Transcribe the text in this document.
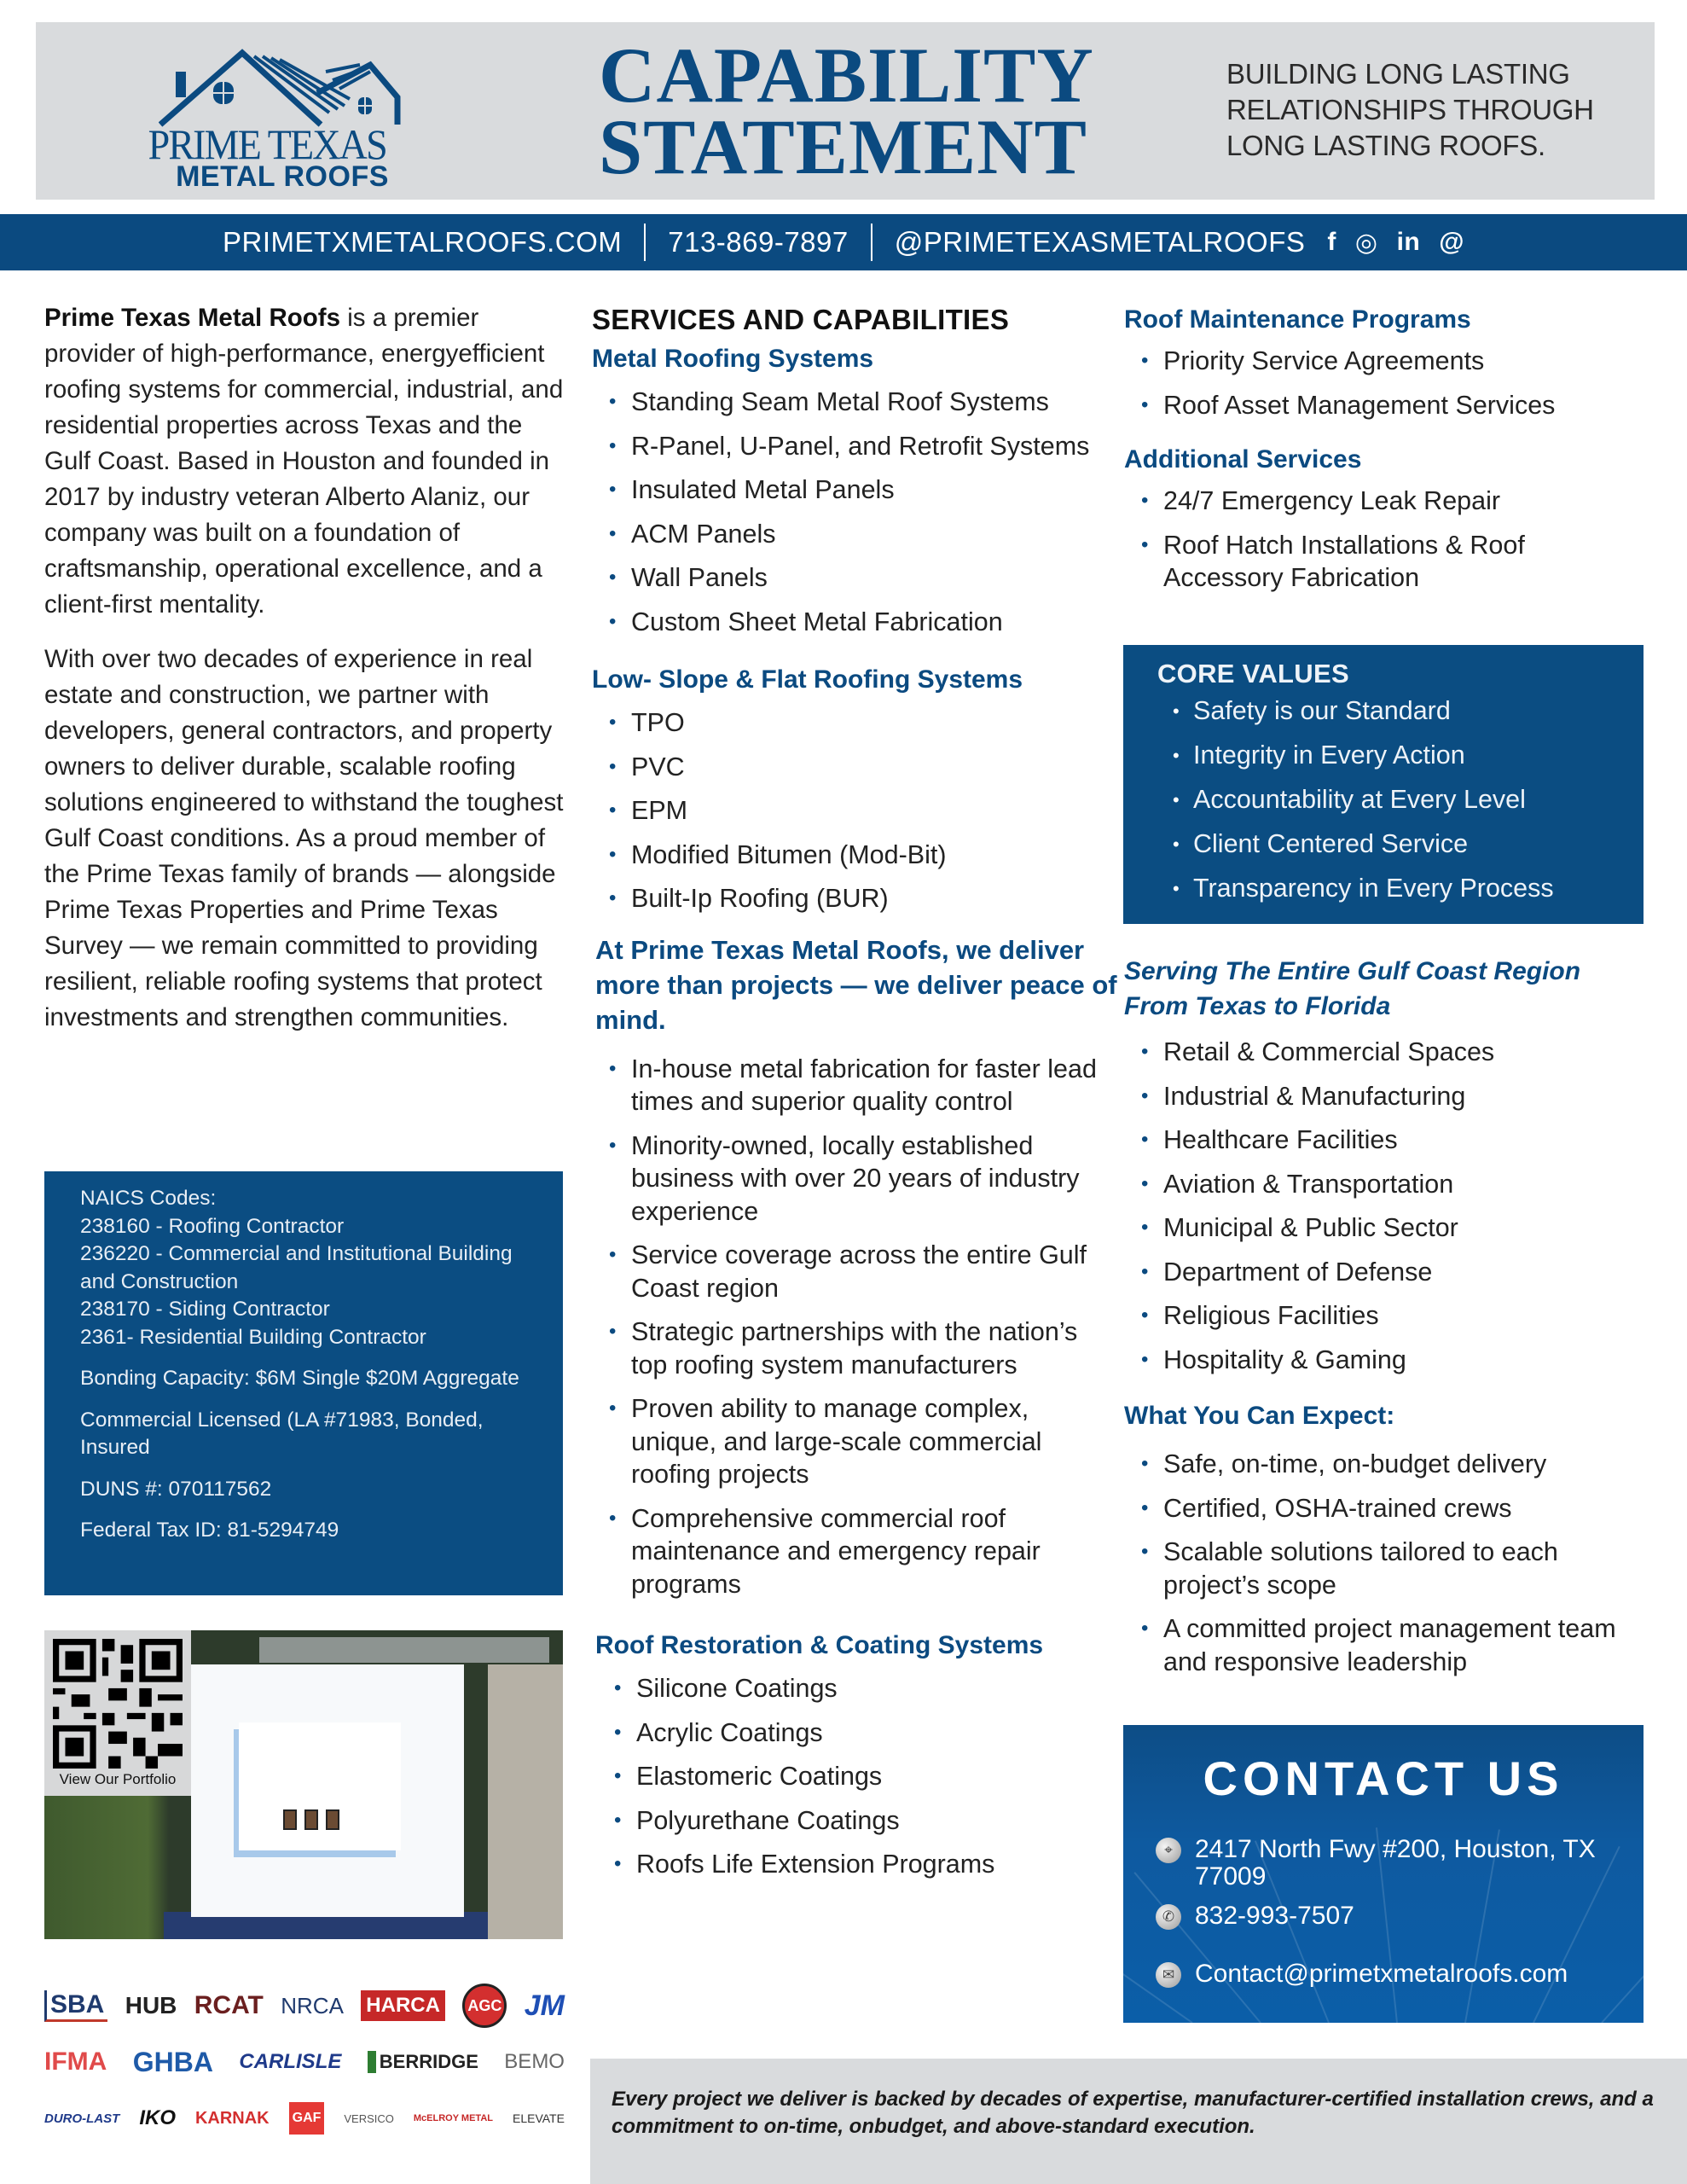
PRIME TEXAS
METAL ROOFS
CAPABILITY
STATEMENT
BUILDING LONG LASTING
RELATIONSHIPS THROUGH
LONG LASTING ROOFS.
PRIMETXMETALROOFS.COM 713-869-7897 @PRIMETEXASMETALROOFS f ◎ in @

Prime Texas Metal Roofs is a premier provider of high-performance, energyefficient roofing systems for commercial, industrial, and residential properties across Texas and the Gulf Coast. Based in Houston and founded in 2017 by industry veteran Alberto Alaniz, our company was built on a foundation of craftsmanship, operational excellence, and a client-first mentality.

With over two decades of experience in real estate and construction, we partner with developers, general contractors, and property owners to deliver durable, scalable roofing solutions engineered to withstand the toughest Gulf Coast conditions. As a proud member of the Prime Texas family of brands — alongside Prime Texas Properties and Prime Texas Survey — we remain committed to providing resilient, reliable roofing systems that protect investments and strengthen communities.

NAICS Codes:
238160 - Roofing Contractor
236220 - Commercial and Institutional Building and Construction
238170 - Siding Contractor
2361- Residential Building Contractor
Bonding Capacity: $6M Single $20M Aggregate
Commercial Licensed (LA #71983, Bonded, Insured
DUNS #: 070117562
Federal Tax ID: 81-5294749
View Our Portfolio
SBA HUB RCAT NRCA HARCA	AGC JM
IFMA GHBA CARLISLE	BERRIDGE BEMO
DURO-LAST IKO KARNAK GAF	VERSICO McELROY METAL ELEVATE
SERVICES AND CAPABILITIES
Metal Roofing Systems
• Standing Seam Metal Roof Systems
• R-Panel, U-Panel, and Retrofit Systems
• Insulated Metal Panels
• ACM Panels
• Wall Panels
• Custom Sheet Metal Fabrication
Low- Slope & Flat Roofing Systems
• TPO
• PVC
• EPM
• Modified Bitumen (Mod-Bit)
• Built-Ip Roofing (BUR)
At Prime Texas Metal Roofs, we deliver more than projects — we deliver peace of mind.
• In-house metal fabrication for faster lead times and superior quality control
• Minority-owned, locally established business with over 20 years of industry experience
• Service coverage across the entire Gulf Coast region
• Strategic partnerships with the nation’s top roofing system manufacturers
• Proven ability to manage complex, unique, and large-scale commercial roofing projects
• Comprehensive commercial roof maintenance and emergency repair programs
Roof Restoration & Coating Systems
• Silicone Coatings
• Acrylic Coatings
• Elastomeric Coatings
• Polyurethane Coatings
• Roofs Life Extension Programs
Roof Maintenance Programs
• Priority Service Agreements
• Roof Asset Management Services
Additional Services
• 24/7 Emergency Leak Repair
• Roof Hatch Installations & Roof Accessory Fabrication
CORE VALUES
• Safety is our Standard
• Integrity in Every Action
• Accountability at Every Level
• Client Centered Service
• Transparency in Every Process
Serving The Entire Gulf Coast Region From Texas to Florida
• Retail & Commercial Spaces
• Industrial & Manufacturing
• Healthcare Facilities
• Aviation & Transportation
• Municipal & Public Sector
• Department of Defense
• Religious Facilities
• Hospitality & Gaming
What You Can Expect:
• Safe, on-time, on-budget delivery
• Certified, OSHA-trained crews
• Scalable solutions tailored to each project’s scope
• A committed project management team and responsive leadership
CONTACT US
⌖ 2417 North Fwy #200, Houston, TX 77009
✆ 832-993-7507
✉ Contact@primetxmetalroofs.com

Every project we deliver is backed by decades of expertise, manufacturer-certified installation crews, and a commitment to on-time, onbudget, and above-standard execution.
